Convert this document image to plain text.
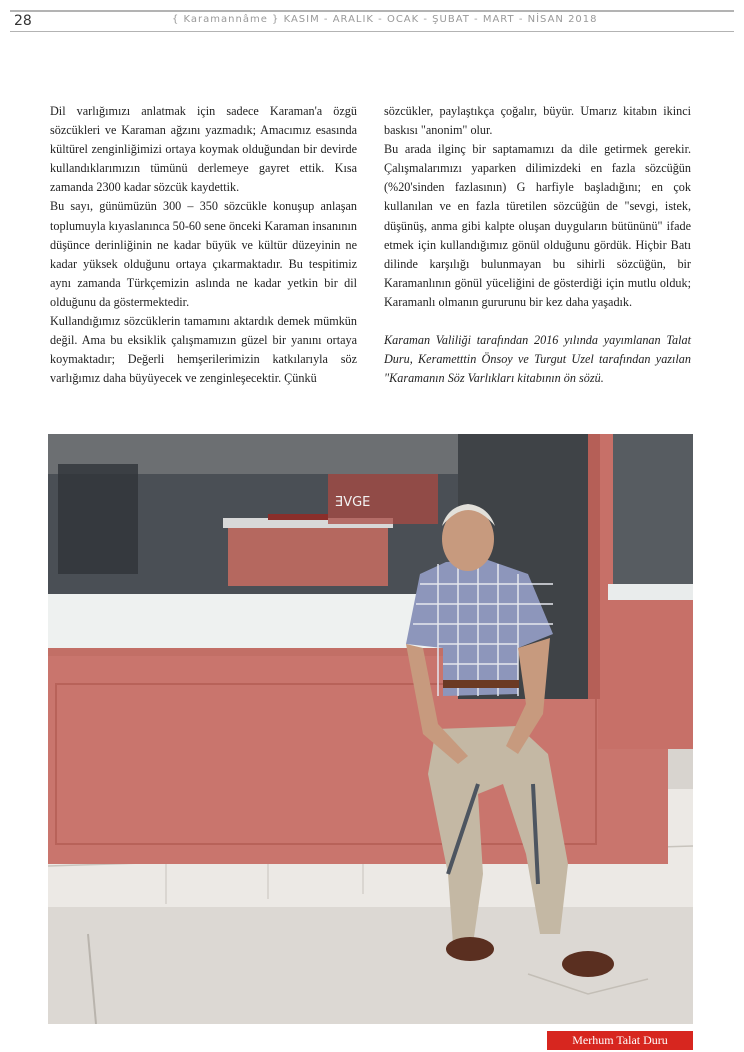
28	{ Karamannâme } KASIM - ARALIK - OCAK - ŞUBAT - MART - NİSAN 2018

Dil varlığımızı anlatmak için sadece Karaman'a özgü sözcükleri ve Karaman ağzını yazmadık; Amacımız esasında kültürel zenginliğimizi ortaya koymak olduğundan bir devirde kullandıklarımızın tümünü derlemeye gayret ettik. Kısa zamanda 2300 kadar sözcük kaydettik.

Bu sayı, günümüzün 300 – 350 sözcükle konuşup anlaşan toplumuyla kıyaslanınca 50-60 sene önceki Karaman insanının düşünce derinliğinin ne kadar büyük ve kültür düzeyinin ne kadar yüksek olduğunu ortaya çıkarmaktadır. Bu tespitimiz aynı zamanda Türkçemizin aslında ne kadar yetkin bir dil olduğunu da göstermektedir.

Kullandığımız sözcüklerin tamamını aktardık demek mümkün değil. Ama bu eksiklik çalışmamızın güzel bir yanını ortaya koymaktadır; Değerli hemşerilerimizin katkılarıyla söz varlığımız daha büyüyecek ve zenginleşecektir. Çünkü

sözcükler, paylaştıkça çoğalır, büyür. Umarız kitabın ikinci baskısı "anonim" olur.

Bu arada ilginç bir saptamamızı da dile getirmek gerekir. Çalışmalarımızı yaparken dilimizdeki en fazla sözcüğün (%20'sinden fazlasının) G harfiyle başladığını; en çok kullanılan ve en fazla türetilen sözcüğün de "sevgi, istek, düşünüş, anma gibi kalpte oluşan duyguların bütününü" ifade etmek için kullandığımız gönül olduğunu gördük. Hiçbir Batı dilinde karşılığı bulunmayan bu sihirli sözcüğün, bir Karamanlının gönül yüceliğini de gösterdiği için mutlu olduk; Karamanlı olmanın gururunu bir kez daha yaşadık.

Karaman Valiliği tarafından 2016 yılında yayımlanan Talat Duru, Kerametttin Önsoy ve Turgut Uzel tarafından yazılan "Karamanın Söz Varlıkları kitabının ön sözü.

ƎVGE
Merhum Talat Duru
